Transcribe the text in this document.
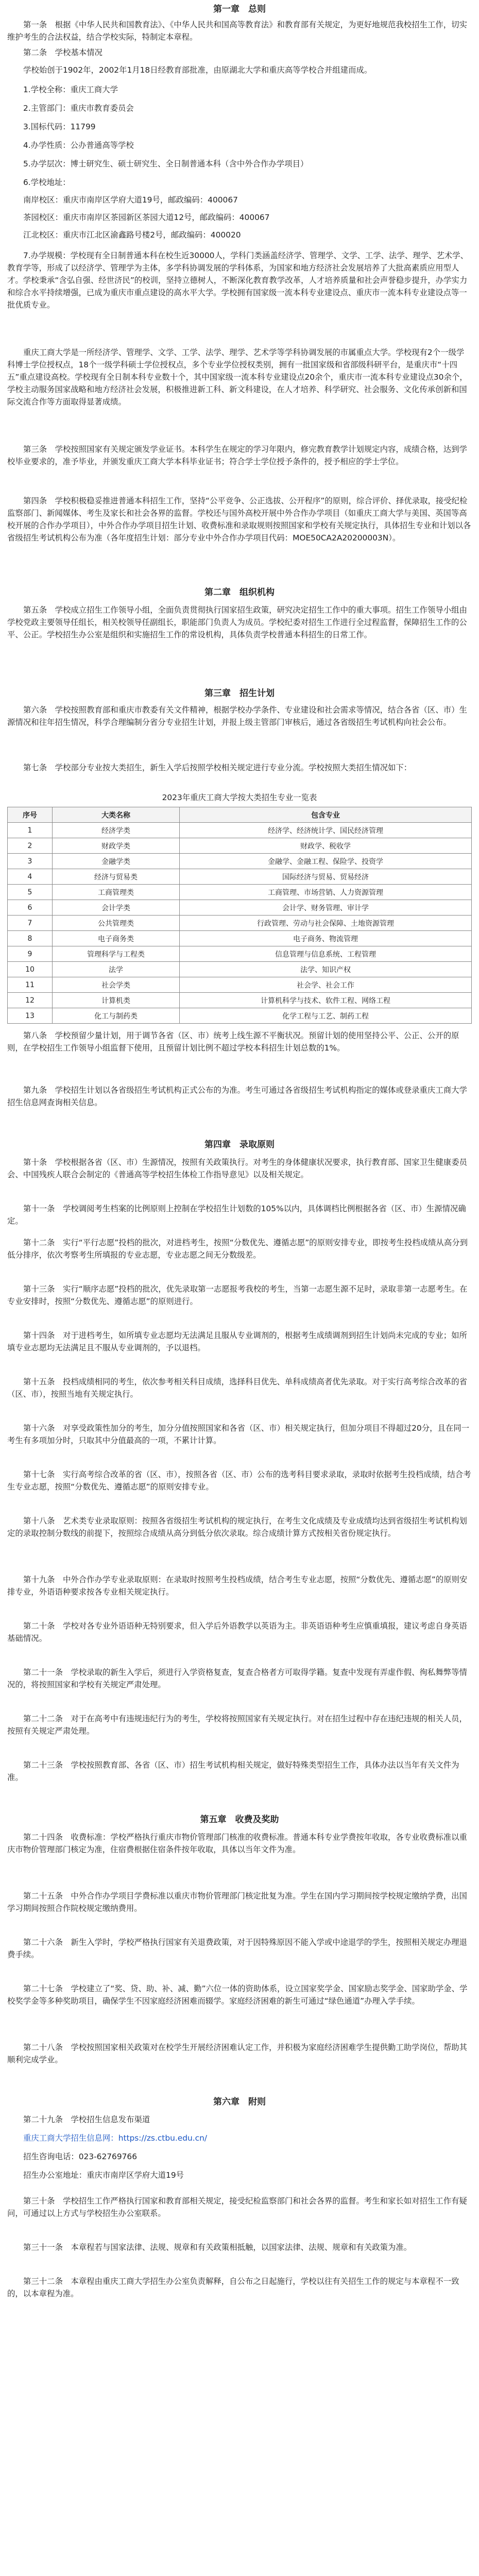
第一章　总则

第一条　根据《中华人民共和国教育法》、《中华人民共和国高等教育法》和教育部有关规定，为更好地规范我校招生工作，切实维护考生的合法权益，结合学校实际，特制定本章程。

第二条　学校基本情况

学校始创于1902年，2002年1月18日经教育部批准，由原湖北大学和重庆高等学校合并组建而成。

1.学校全称：重庆工商大学

2.主管部门：重庆市教育委员会

3.国标代码：11799

4.办学性质：公办普通高等学校

5.办学层次：博士研究生、硕士研究生、全日制普通本科（含中外合作办学项目）

6.学校地址：

南岸校区：重庆市南岸区学府大道19号，邮政编码：400067

茶园校区：重庆市南岸区茶园新区茶园大道12号，邮政编码：400067

江北校区：重庆市江北区渝鑫路号楼2号，邮政编码：400020

7.办学规模：学校现有全日制普通本科在校生近30000人，学科门类涵盖经济学、管理学、文学、工学、法学、理学、艺术学、教育学等，形成了以经济学、管理学为主体，多学科协调发展的学科体系，为国家和地方经济社会发展培养了大批高素质应用型人才。学校秉承“含弘自强、经世济民”的校训，坚持立德树人，不断深化教育教学改革，人才培养质量和社会声誉稳步提升，办学实力和综合水平持续增强，已成为重庆市重点建设的高水平大学。学校拥有国家级一流本科专业建设点、重庆市一流本科专业建设点等一批优质专业。

重庆工商大学是一所经济学、管理学、文学、工学、法学、理学、艺术学等学科协调发展的市属重点大学。学校现有2个一级学科博士学位授权点，18个一级学科硕士学位授权点，多个专业学位授权类别，拥有一批国家级和省部级科研平台，是重庆市“十四五”重点建设高校。学校现有全日制本科专业数十个，其中国家级一流本科专业建设点20余个，重庆市一流本科专业建设点30余个，学校主动服务国家战略和地方经济社会发展，积极推进新工科、新文科建设，在人才培养、科学研究、社会服务、文化传承创新和国际交流合作等方面取得显著成绩。

第三条　学校按照国家有关规定颁发学业证书。本科学生在规定的学习年限内，修完教育教学计划规定内容，成绩合格，达到学校毕业要求的，准予毕业，并颁发重庆工商大学本科毕业证书；符合学士学位授予条件的，授予相应的学士学位。

第四条　学校积极稳妥推进普通本科招生工作，坚持“公平竞争、公正选拔、公开程序”的原则，综合评价、择优录取，接受纪检监察部门、新闻媒体、考生及家长和社会各界的监督。学校还与国外高校开展中外合作办学项目（如重庆工商大学与美国、英国等高校开展的合作办学项目），中外合作办学项目招生计划、收费标准和录取规则按照国家和学校有关规定执行，具体招生专业和计划以各省级招生考试机构公布为准（各年度招生计划：部分专业中外合作办学项目代码：MOE50CA2A20200003N）。

第二章　组织机构

第五条　学校成立招生工作领导小组，全面负责贯彻执行国家招生政策，研究决定招生工作中的重大事项。招生工作领导小组由学校党政主要领导任组长，相关校领导任副组长，职能部门负责人为成员。学校纪委对招生工作进行全过程监督，保障招生工作的公平、公正。学校招生办公室是组织和实施招生工作的常设机构，具体负责学校普通本科招生的日常工作。

第三章　招生计划

第六条　学校按照教育部和重庆市教委有关文件精神，根据学校办学条件、专业建设和社会需求等情况，结合各省（区、市）生源情况和往年招生情况，科学合理编制分省分专业招生计划，并报上级主管部门审核后，通过各省级招生考试机构向社会公布。

第七条　学校部分专业按大类招生，新生入学后按照学校相关规定进行专业分流。学校按照大类招生情况如下：

2023年重庆工商大学按大类招生专业一览表

序号	大类名称	包含专业
1	经济学类	经济学、经济统计学、国民经济管理
2	财政学类	财政学、税收学
3	金融学类	金融学、金融工程、保险学、投资学
4	经济与贸易类	国际经济与贸易、贸易经济
5	工商管理类	工商管理、市场营销、人力资源管理
6	会计学类	会计学、财务管理、审计学
7	公共管理类	行政管理、劳动与社会保障、土地资源管理
8	电子商务类	电子商务、物流管理
9	管理科学与工程类	信息管理与信息系统、工程管理
10	法学	法学、知识产权
11	社会学类	社会学、社会工作
12	计算机类	计算机科学与技术、软件工程、网络工程
13	化工与制药类	化学工程与工艺、制药工程

第八条　学校预留少量计划，用于调节各省（区、市）统考上线生源不平衡状况。预留计划的使用坚持公平、公正、公开的原则，在学校招生工作领导小组监督下使用，且预留计划比例不超过学校本科招生计划总数的1%。

第九条　学校招生计划以各省级招生考试机构正式公布的为准。考生可通过各省级招生考试机构指定的媒体或登录重庆工商大学招生信息网查询相关信息。

第四章　录取原则

第十条　学校根据各省（区、市）生源情况，按照有关政策执行。对考生的身体健康状况要求，执行教育部、国家卫生健康委员会、中国残疾人联合会制定的《普通高等学校招生体检工作指导意见》以及相关规定。

第十一条　学校调阅考生档案的比例原则上控制在学校招生计划数的105%以内，具体调档比例根据各省（区、市）生源情况确定。

第十二条　实行“平行志愿”投档的批次，对进档考生，按照“分数优先、遵循志愿”的原则安排专业，即按考生投档成绩从高分到低分排序，依次考察考生所填报的专业志愿，专业志愿之间无分数级差。

第十三条　实行“顺序志愿”投档的批次，优先录取第一志愿报考我校的考生，当第一志愿生源不足时，录取非第一志愿考生。在专业安排时，按照“分数优先、遵循志愿”的原则进行。

第十四条　对于进档考生，如所填专业志愿均无法满足且服从专业调剂的，根据考生成绩调剂到招生计划尚未完成的专业；如所填专业志愿均无法满足且不服从专业调剂的，予以退档。

第十五条　投档成绩相同的考生，依次参考相关科目成绩，选择科目优先、单科成绩高者优先录取。对于实行高考综合改革的省（区、市），按照当地有关规定执行。

第十六条　对享受政策性加分的考生，加分分值按照国家和各省（区、市）相关规定执行，但加分项目不得超过20分，且在同一考生有多项加分时，只取其中分值最高的一项，不累计计算。

第十七条　实行高考综合改革的省（区、市），按照各省（区、市）公布的选考科目要求录取，录取时依据考生投档成绩，结合考生专业志愿，按照“分数优先、遵循志愿”的原则安排专业。

第十八条　艺术类专业录取原则：按照各省级招生考试机构的规定执行，在考生文化成绩及专业成绩均达到省级招生考试机构划定的录取控制分数线的前提下，按照综合成绩从高分到低分依次录取。综合成绩计算方式按相关省份规定执行。

第十九条　中外合作办学专业录取原则：在录取时按照考生投档成绩，结合考生专业志愿，按照“分数优先、遵循志愿”的原则安排专业，外语语种要求按各专业相关规定执行。

第二十条　学校对各专业外语语种无特别要求，但入学后外语教学以英语为主。非英语语种考生应慎重填报，建议考虑自身英语基础情况。

第二十一条　学校录取的新生入学后，须进行入学资格复查，复查合格者方可取得学籍。复查中发现有弄虚作假、徇私舞弊等情况的，将按照国家和学校有关规定严肃处理。

第二十二条　对于在高考中有违规违纪行为的考生，学校将按照国家有关规定执行。对在招生过程中存在违纪违规的相关人员，按照有关规定严肃处理。

第二十三条　学校按照教育部、各省（区、市）招生考试机构相关规定，做好特殊类型招生工作，具体办法以当年有关文件为准。

第五章　收费及奖助

第二十四条　收费标准：学校严格执行重庆市物价管理部门核准的收费标准。普通本科专业学费按年收取，各专业收费标准以重庆市物价管理部门核定为准，住宿费根据住宿条件按年收取，具体以当年文件为准。

第二十五条　中外合作办学项目学费标准以重庆市物价管理部门核定批复为准。学生在国内学习期间按学校规定缴纳学费，出国学习期间按照合作院校规定缴纳费用。

第二十六条　新生入学时，学校严格执行国家有关退费政策，对于因特殊原因不能入学或中途退学的学生，按照相关规定办理退费手续。

第二十七条　学校建立了“奖、贷、助、补、减、勤”六位一体的资助体系，设立国家奖学金、国家励志奖学金、国家助学金、学校奖学金等多种奖助项目，确保学生不因家庭经济困难而辍学。家庭经济困难的新生可通过“绿色通道”办理入学手续。

第二十八条　学校按照国家相关政策对在校学生开展经济困难认定工作，并积极为家庭经济困难学生提供勤工助学岗位，帮助其顺利完成学业。

第六章　附则

第二十九条　学校招生信息发布渠道

重庆工商大学招生信息网：https://zs.ctbu.edu.cn/

招生咨询电话：023-62769766

招生办公室地址：重庆市南岸区学府大道19号

第三十条　学校招生工作严格执行国家和教育部相关规定，接受纪检监察部门和社会各界的监督。考生和家长如对招生工作有疑问，可通过以上方式与学校招生办公室联系。

第三十一条　本章程若与国家法律、法规、规章和有关政策相抵触，以国家法律、法规、规章和有关政策为准。

第三十二条　本章程由重庆工商大学招生办公室负责解释，自公布之日起施行，学校以往有关招生工作的规定与本章程不一致的，以本章程为准。
